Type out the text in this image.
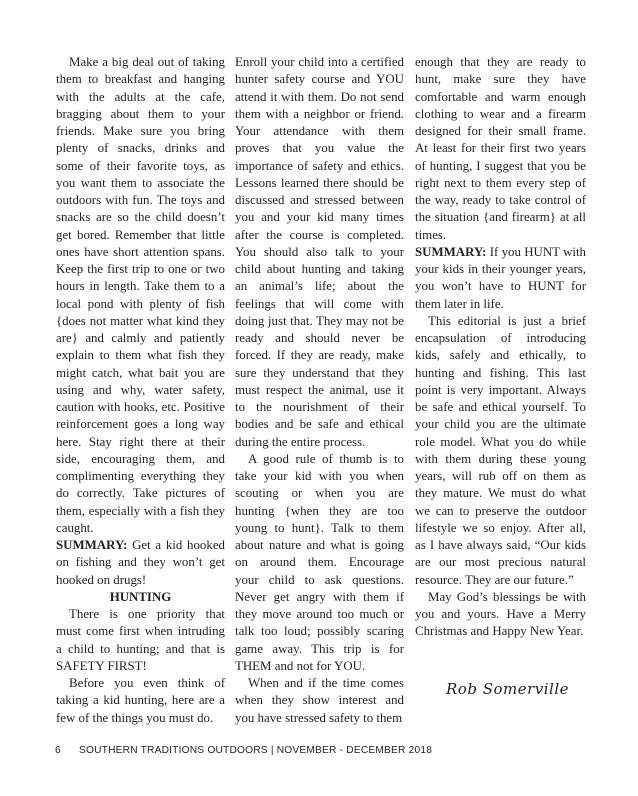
Make a big deal out of taking them to breakfast and hanging with the adults at the cafe, bragging about them to your friends. Make sure you bring plenty of snacks, drinks and some of their favorite toys, as you want them to associate the outdoors with fun. The toys and snacks are so the child doesn’t get bored. Remember that little ones have short attention spans. Keep the first trip to one or two hours in length. Take them to a local pond with plenty of fish {does not matter what kind they are} and calmly and patiently explain to them what fish they might catch, what bait you are using and why, water safety, caution with hooks, etc. Positive reinforcement goes a long way here. Stay right there at their side, encouraging them, and complimenting everything they do correctly. Take pictures of them, especially with a fish they caught.

SUMMARY: Get a kid hooked on fishing and they won’t get hooked on drugs!

HUNTING

There is one priority that must come first when intruding a child to hunting; and that is SAFETY FIRST!

Before you even think of taking a kid hunting, here are a few of the things you must do.

Enroll your child into a certified hunter safety course and YOU attend it with them. Do not send them with a neighbor or friend. Your attendance with them proves that you value the importance of safety and ethics. Lessons learned there should be discussed and stressed between you and your kid many times after the course is completed. You should also talk to your child about hunting and taking an animal’s life; about the feelings that will come with doing just that. They may not be ready and should never be forced. If they are ready, make sure they understand that they must respect the animal, use it to the nourishment of their bodies and be safe and ethical during the entire process.

A good rule of thumb is to take your kid with you when scouting or when you are hunting {when they are too young to hunt}. Talk to them about nature and what is going on around them. Encourage your child to ask questions. Never get angry with them if they move around too much or talk too loud; possibly scaring game away. This trip is for THEM and not for YOU.

When and if the time comes when they show interest and you have stressed safety to them

enough that they are ready to hunt, make sure they have comfortable and warm enough clothing to wear and a firearm designed for their small frame. At least for their first two years of hunting, I suggest that you be right next to them every step of the way, ready to take control of the situation {and firearm} at all times.

SUMMARY: If you HUNT with your kids in their younger years, you won’t have to HUNT for them later in life.

This editorial is just a brief encapsulation of introducing kids, safely and ethically, to hunting and fishing. This last point is very important. Always be safe and ethical yourself. To your child you are the ultimate role model. What you do while with them during these young years, will rub off on them as they mature. We must do what we can to preserve the outdoor lifestyle we so enjoy. After all, as I have always said, “Our kids are our most precious natural resource. They are our future.”

May God’s blessings be with you and yours. Have a Merry Christmas and Happy New Year.

Rob Somerville
6 SOUTHERN TRADITIONS OUTDOORS | NOVEMBER - DECEMBER 2018
